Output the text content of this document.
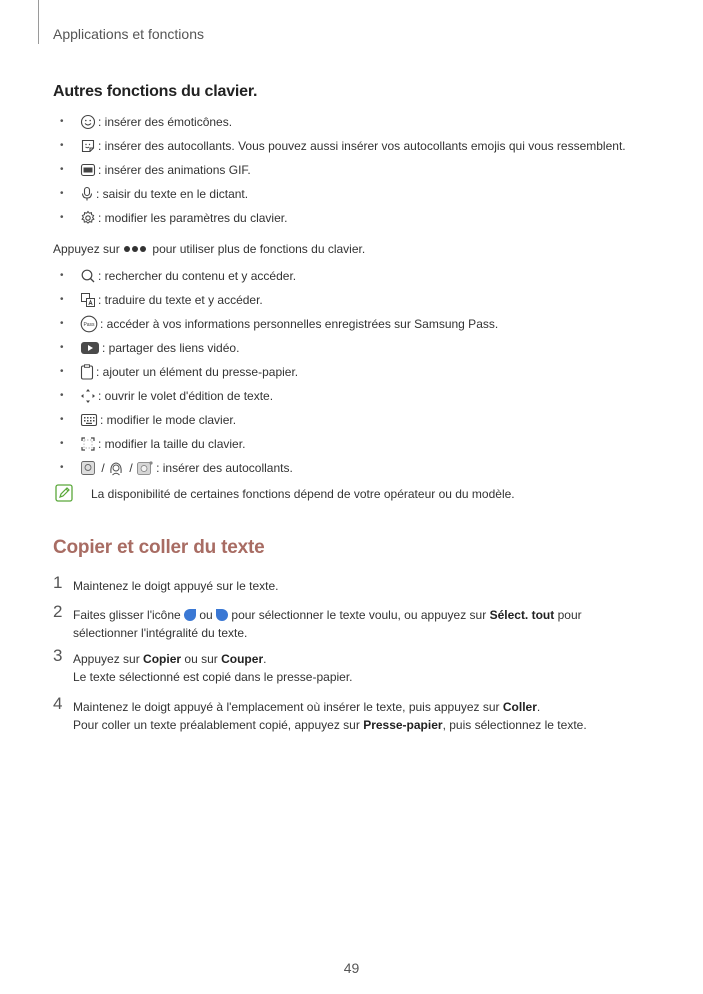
Applications et fonctions
Autres fonctions du clavier.
• : insérer des émoticônes.
• : insérer des autocollants. Vous pouvez aussi insérer vos autocollants emojis qui vous ressemblent.
• : insérer des animations GIF.
• : saisir du texte en le dictant.
• : modifier les paramètres du clavier.
Appuyez sur	pour utiliser plus de fonctions du clavier.
• : rechercher du contenu et y accéder.
• : traduire du texte et y accéder.
• Pass : accéder à vos informations personnelles enregistrées sur Samsung Pass.
• : partager des liens vidéo.
• : ajouter un élément du presse-papier.
• : ouvrir le volet d'édition de texte.
• : modifier le mode clavier.
• : modifier la taille du clavier.
• / / : insérer des autocollants.
La disponibilité de certaines fonctions dépend de votre opérateur ou du modèle.
Copier et coller du texte
1 Maintenez le doigt appuyé sur le texte.
2 Faites glisser l'icône ou pour sélectionner le texte voulu, ou appuyez sur Sélect. tout pour
sélectionner l'intégralité du texte.
3 Appuyez sur Copier ou sur Couper.
Le texte sélectionné est copié dans le presse-papier.
4 Maintenez le doigt appuyé à l'emplacement où insérer le texte, puis appuyez sur Coller.
Pour coller un texte préalablement copié, appuyez sur Presse-papier, puis sélectionnez le texte.
49
